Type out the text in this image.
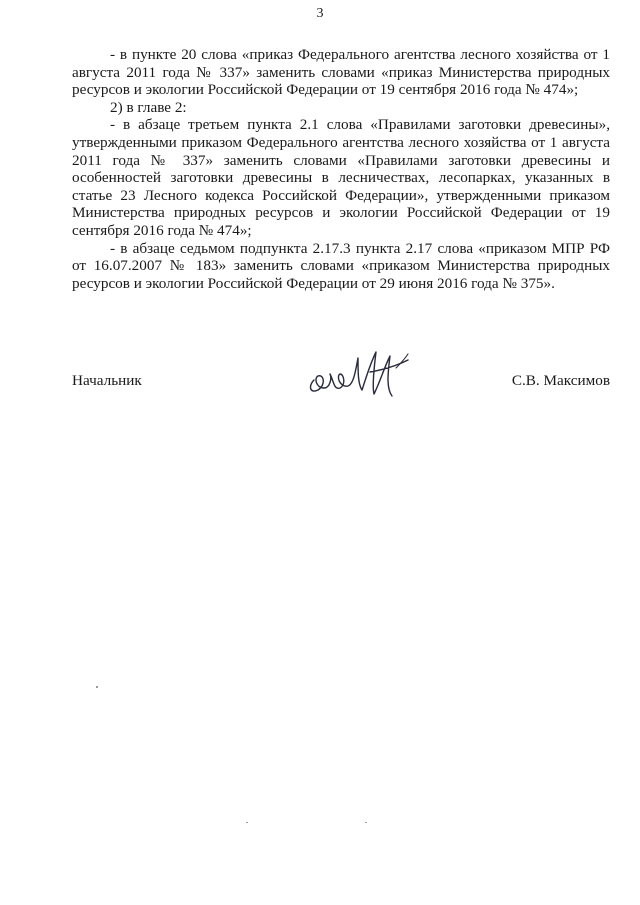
3

- в пункте 20 слова «приказ Федерального агентства лесного хозяйства от 1 августа 2011 года № 337» заменить словами «приказ Министерства природных ресурсов и экологии Российской Федерации от 19 сентября 2016 года № 474»;

2) в главе 2:

- в абзаце третьем пункта 2.1 слова «Правилами заготовки древесины», утвержденными приказом Федерального агентства лесного хозяйства от 1 августа 2011 года № 337» заменить словами «Правилами заготовки древесины и особенностей заготовки древесины в лесничествах, лесопарках, указанных в статье 23 Лесного кодекса Российской Федерации», утвержденными приказом Министерства природных ресурсов и экологии Российской Федерации от 19 сентября 2016 года № 474»;

- в абзаце седьмом подпункта 2.17.3 пункта 2.17 слова «приказом МПР РФ от 16.07.2007 № 183» заменить словами «приказом Министерства природных ресурсов и экологии Российской Федерации от 29 июня 2016 года № 375».

Начальник	С.В. Максимов
